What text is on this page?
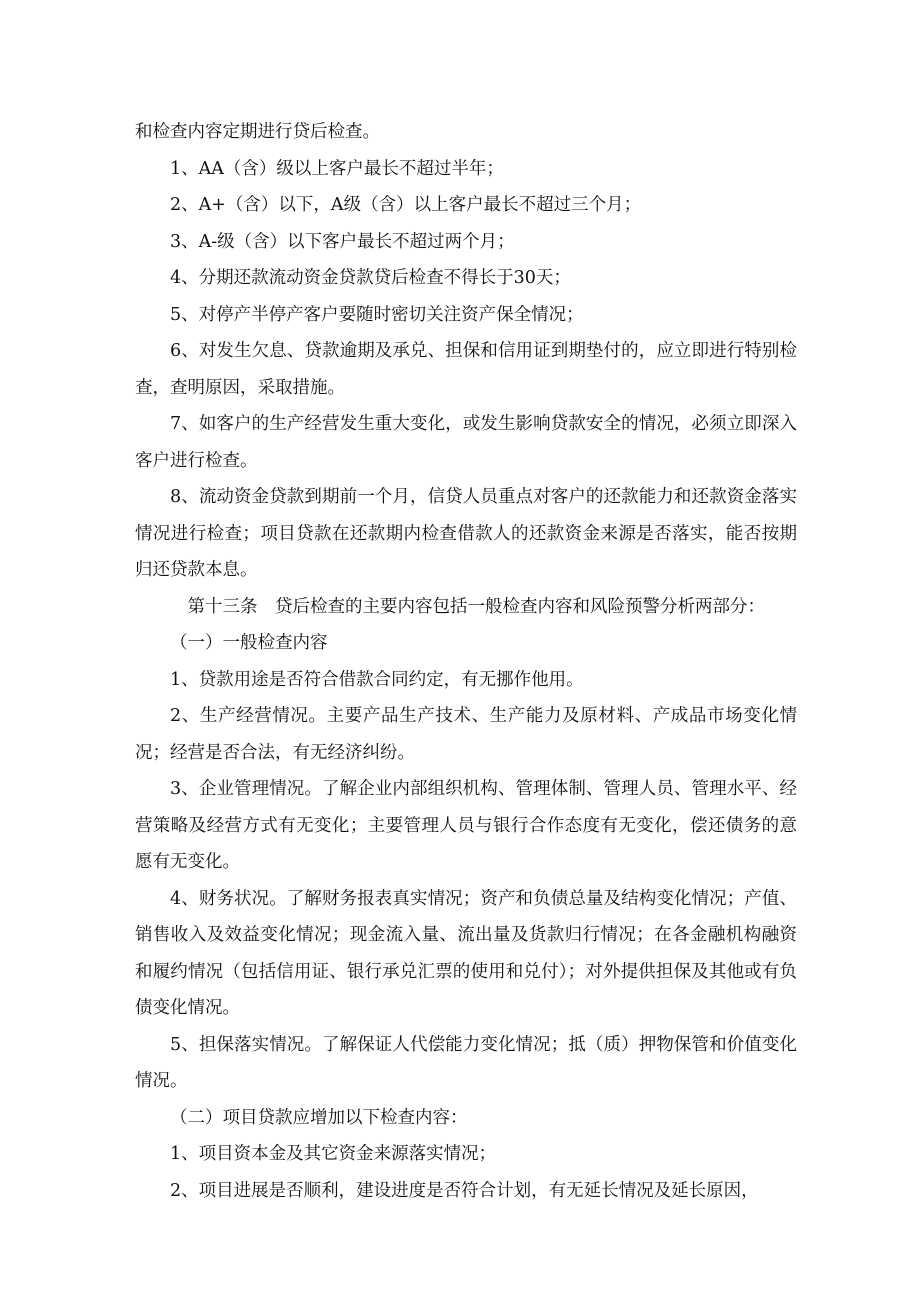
和检查内容定期进行贷后检查。

1、AA（含）级以上客户最长不超过半年；

2、A+（含）以下，A级（含）以上客户最长不超过三个月；

3、A-级（含）以下客户最长不超过两个月；

4、分期还款流动资金贷款贷后检查不得长于30天；

5、对停产半停产客户要随时密切关注资产保全情况；

6、对发生欠息、贷款逾期及承兑、担保和信用证到期垫付的，应立即进行特别检查，查明原因，采取措施。

7、如客户的生产经营发生重大变化，或发生影响贷款安全的情况，必须立即深入客户进行检查。

8、流动资金贷款到期前一个月，信贷人员重点对客户的还款能力和还款资金落实情况进行检查；项目贷款在还款期内检查借款人的还款资金来源是否落实，能否按期归还贷款本息。

第十三条　贷后检查的主要内容包括一般检查内容和风险预警分析两部分：

（一）一般检查内容

1、贷款用途是否符合借款合同约定，有无挪作他用。

2、生产经营情况。主要产品生产技术、生产能力及原材料、产成品市场变化情况；经营是否合法，有无经济纠纷。

3、企业管理情况。了解企业内部组织机构、管理体制、管理人员、管理水平、经营策略及经营方式有无变化；主要管理人员与银行合作态度有无变化，偿还债务的意愿有无变化。

4、财务状况。了解财务报表真实情况；资产和负债总量及结构变化情况；产值、销售收入及效益变化情况；现金流入量、流出量及货款归行情况；在各金融机构融资和履约情况（包括信用证、银行承兑汇票的使用和兑付）；对外提供担保及其他或有负债变化情况。

5、担保落实情况。了解保证人代偿能力变化情况；抵（质）押物保管和价值变化情况。

（二）项目贷款应增加以下检查内容：

1、项目资本金及其它资金来源落实情况；

2、项目进展是否顺利，建设进度是否符合计划，有无延长情况及延长原因，
